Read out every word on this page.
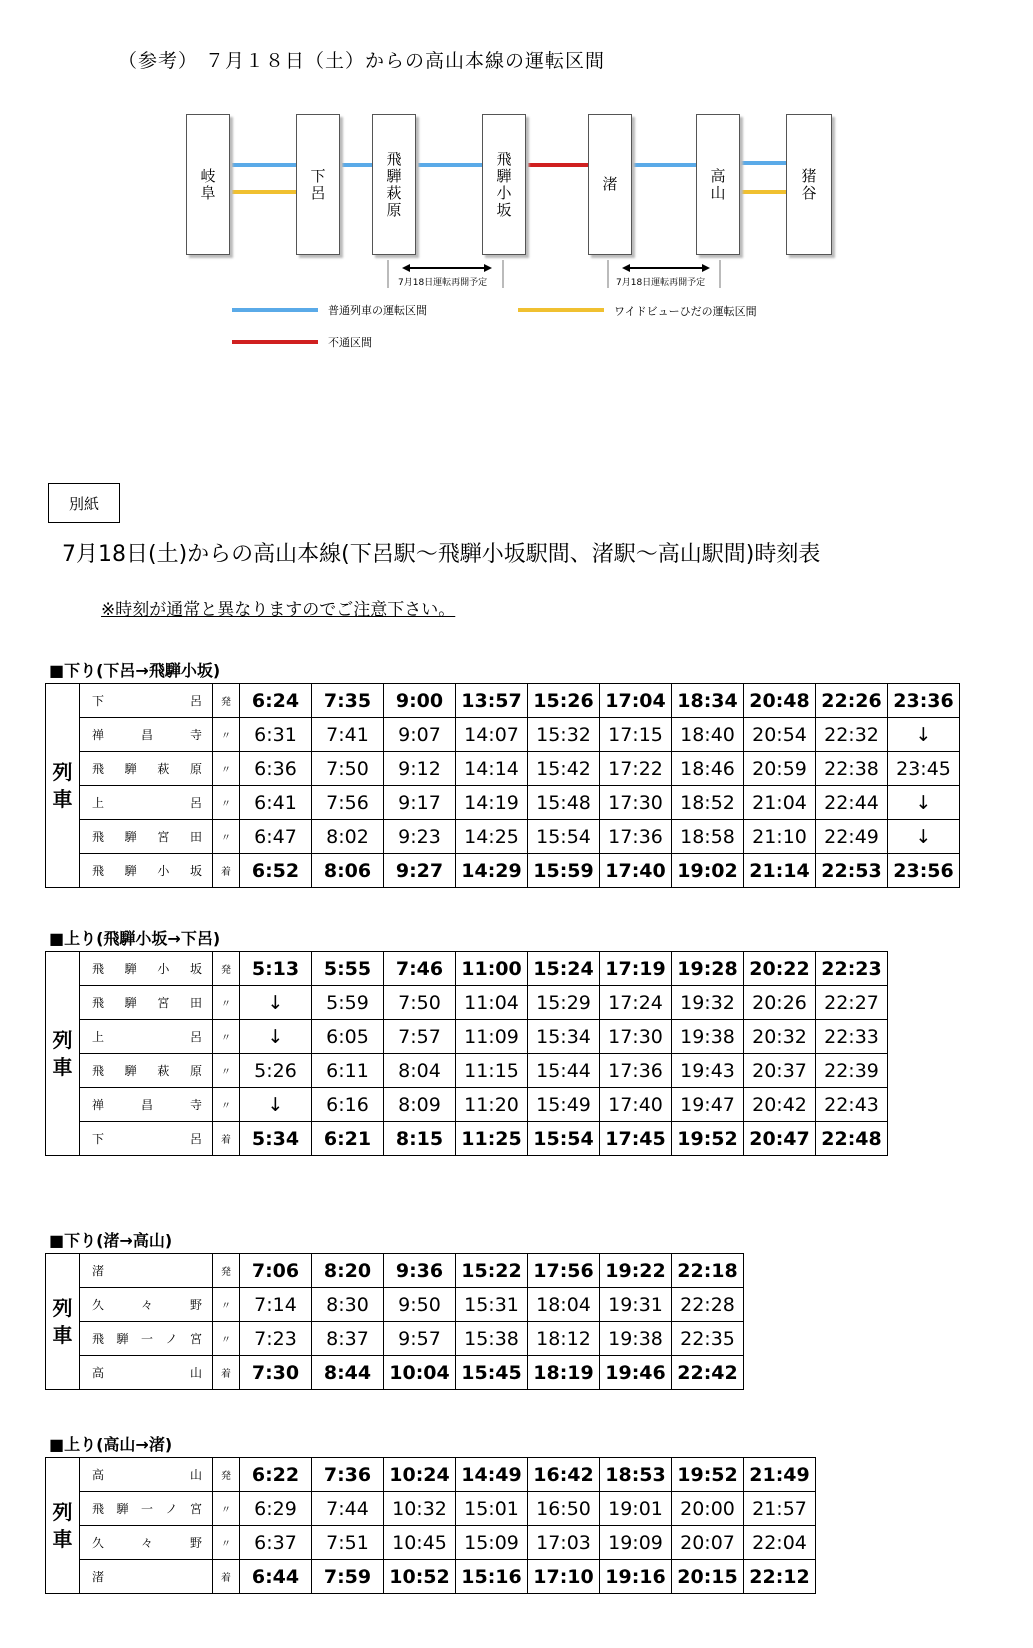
（参考） ７月１８日（土）からの高山本線の運転区間
岐阜	下呂	飛騨萩原	飛騨小坂	渚	高山	猪谷
7月18日運転再開予定	7月18日運転再開予定
普通列車の運転区間	ワイドビューひだの運転区間
不通区間
別紙
7月18日(土)からの高山本線(下呂駅～飛騨小坂駅間、渚駅～高山駅間)時刻表
※時刻が通常と異なりますのでご注意下さい。
■下り(下呂→飛騨小坂)
列車	下呂	発	6:24	7:35	9:00	13:57	15:26	17:04	18:34	20:48	22:26	23:36
	禅昌寺	〃	6:31	7:41	9:07	14:07	15:32	17:15	18:40	20:54	22:32	↓
	飛騨萩原	〃	6:36	7:50	9:12	14:14	15:42	17:22	18:46	20:59	22:38	23:45
	上呂	〃	6:41	7:56	9:17	14:19	15:48	17:30	18:52	21:04	22:44	↓
	飛騨宮田	〃	6:47	8:02	9:23	14:25	15:54	17:36	18:58	21:10	22:49	↓
	飛騨小坂	着	6:52	8:06	9:27	14:29	15:59	17:40	19:02	21:14	22:53	23:56
■上り(飛騨小坂→下呂)
列車	飛騨小坂	発	5:13	5:55	7:46	11:00	15:24	17:19	19:28	20:22	22:23
	飛騨宮田	〃	↓	5:59	7:50	11:04	15:29	17:24	19:32	20:26	22:27
	上呂	〃	↓	6:05	7:57	11:09	15:34	17:30	19:38	20:32	22:33
	飛騨萩原	〃	5:26	6:11	8:04	11:15	15:44	17:36	19:43	20:37	22:39
	禅昌寺	〃	↓	6:16	8:09	11:20	15:49	17:40	19:47	20:42	22:43
	下呂	着	5:34	6:21	8:15	11:25	15:54	17:45	19:52	20:47	22:48
■下り(渚→高山)
列車	渚	発	7:06	8:20	9:36	15:22	17:56	19:22	22:18
	久々野	〃	7:14	8:30	9:50	15:31	18:04	19:31	22:28
	飛騨一ノ宮	〃	7:23	8:37	9:57	15:38	18:12	19:38	22:35
	高山	着	7:30	8:44	10:04	15:45	18:19	19:46	22:42
■上り(高山→渚)
列車	高山	発	6:22	7:36	10:24	14:49	16:42	18:53	19:52	21:49
	飛騨一ノ宮	〃	6:29	7:44	10:32	15:01	16:50	19:01	20:00	21:57
	久々野	〃	6:37	7:51	10:45	15:09	17:03	19:09	20:07	22:04
	渚	着	6:44	7:59	10:52	15:16	17:10	19:16	20:15	22:12
